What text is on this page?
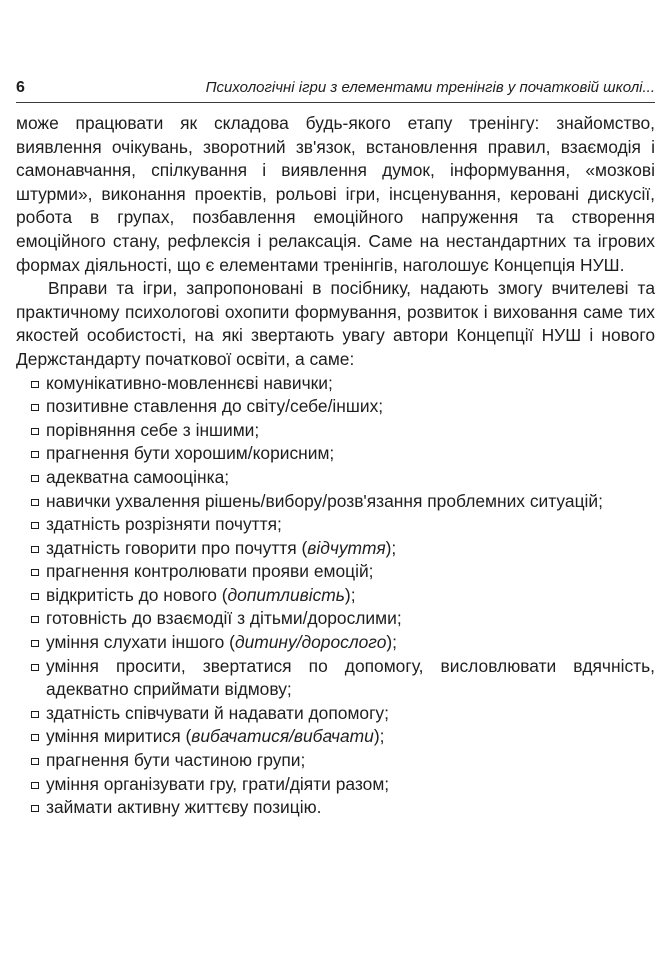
6	Психологічні ігри з елементами тренінгів у початковій школі...

може працювати як складова будь-якого етапу тренінгу: знайомство, виявлення очікувань, зворотний зв'язок, встановлення правил, взаємодія і самонавчання, спілкування і виявлення думок, інформування, «мозкові штурми», виконання проектів, рольові ігри, інсценування, керовані дискусії, робота в групах, позбавлення емоційного напруження та створення емоційного стану, рефлексія і релаксація. Саме на нестандартних та ігрових формах діяльності, що є елементами тренінгів, наголошує Концепція НУШ.

Вправи та ігри, запропоновані в посібнику, надають змогу вчителеві та практичному психологові охопити формування, розвиток і виховання саме тих якостей особистості, на які звертають увагу автори Концепції НУШ і нового Держстандарту початкової освіти, а саме:

комунікативно-мовленнєві навички;
позитивне ставлення до світу/себе/інших;
порівняння себе з іншими;
прагнення бути хорошим/корисним;
адекватна самооцінка;
навички ухвалення рішень/вибору/розв'язання проблемних ситуацій;
здатність розрізняти почуття;
здатність говорити про почуття (відчуття);
прагнення контролювати прояви емоцій;
відкритість до нового (допитливість);
готовність до взаємодії з дітьми/дорослими;
уміння слухати іншого (дитину/дорослого);
уміння просити, звертатися по допомогу, висловлювати вдячність, адекватно сприймати відмову;
здатність співчувати й надавати допомогу;
уміння миритися (вибачатися/вибачати);
прагнення бути частиною групи;
уміння організувати гру, грати/діяти разом;
займати активну життєву позицію.
